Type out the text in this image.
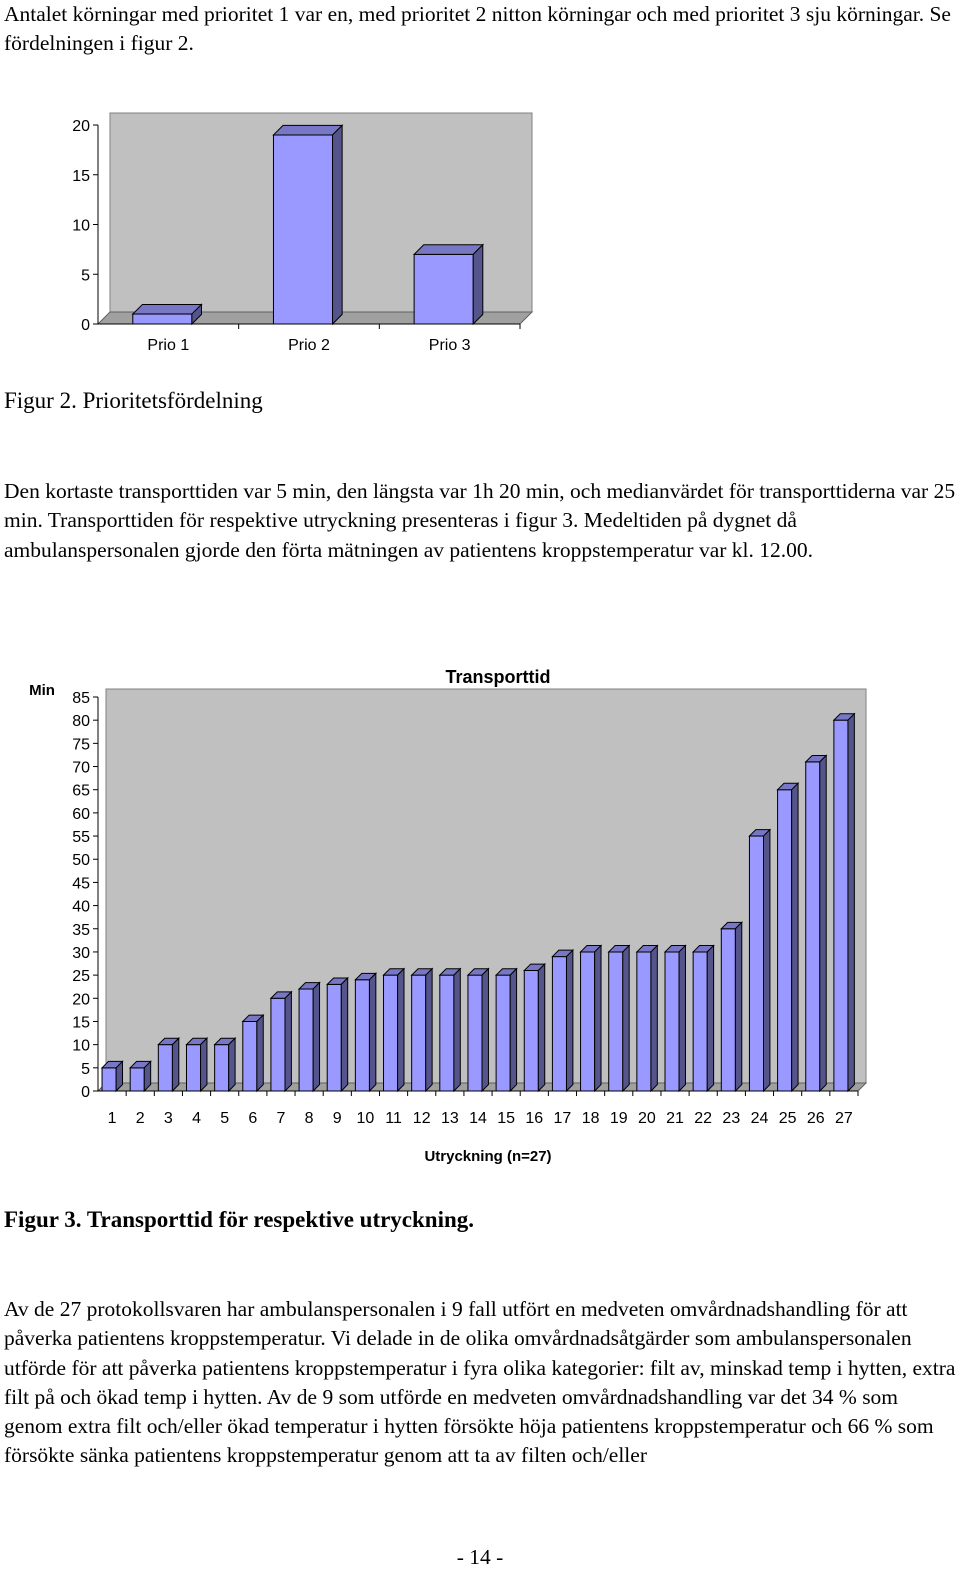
Antalet körningar med prioritet 1 var en, med prioritet 2 nitton körningar och med prioritet 3 sju körningar. Se fördelningen i figur 2.

0
5
10
15
20
Prio 1	Prio 2	Prio 3

Figur 2. Prioritetsfördelning

Den kortaste transporttiden var 5 min, den längsta var 1h 20 min, och medianvärdet för transporttiderna var 25 min. Transporttiden för respektive utryckning presenteras i figur 3. Medeltiden på dygnet då ambulanspersonalen gjorde den förta mätningen av patientens kroppstemperatur var kl. 12.00.

0
5
10
15
20
25
30
35
40
45
50
55
60
65
70
75
80
85
1 2 3 4 5 6 7 8 9 10 11 12 13 14 15 16 17 18 19 20 21 22 23 24 25 26 27
Transporttid
Min
Utryckning (n=27)

Figur 3. Transporttid för respektive utryckning.

Av de 27 protokollsvaren har ambulanspersonalen i 9 fall utfört en medveten omvårdnadshandling för att påverka patientens kroppstemperatur. Vi delade in de olika omvårdnadsåtgärder som ambulanspersonalen utförde för att påverka patientens kroppstemperatur i fyra olika kategorier: filt av, minskad temp i hytten, extra filt på och ökad temp i hytten. Av de 9 som utförde en medveten omvårdnadshandling var det 34 % som genom extra filt och/eller ökad temperatur i hytten försökte höja patientens kroppstemperatur och 66 % som försökte sänka patientens kroppstemperatur genom att ta av filten och/eller

- 14 -
